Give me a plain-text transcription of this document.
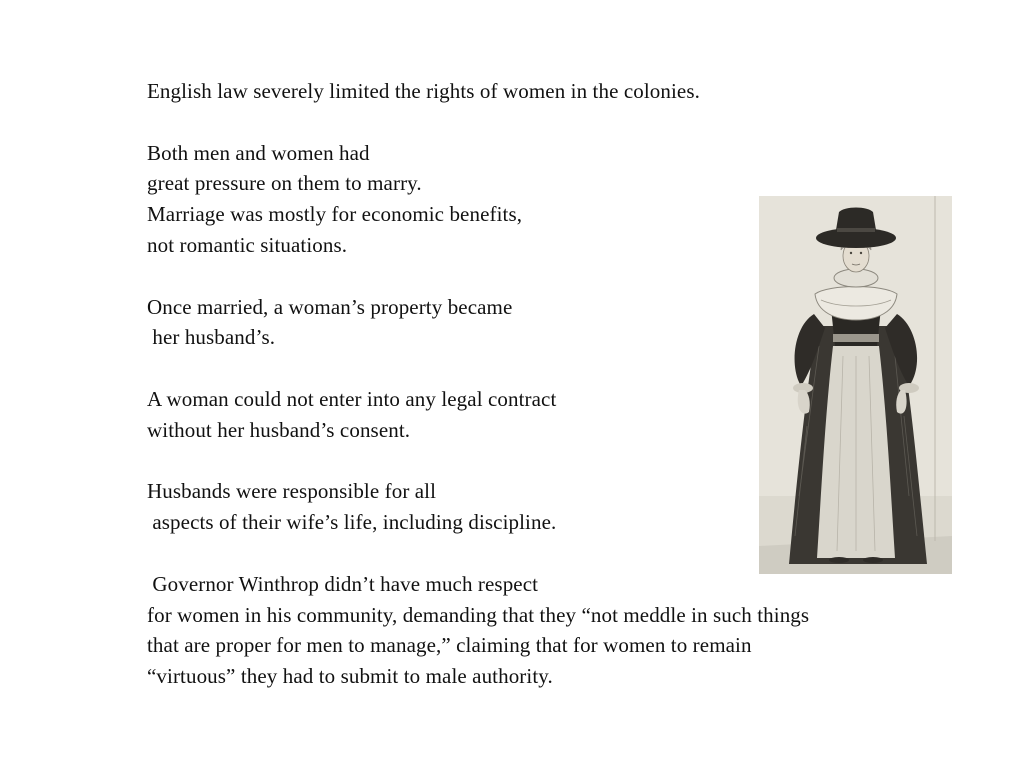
English law severely limited the rights of women in the colonies.

Both men and women had
great pressure on them to marry.
Marriage was mostly for economic benefits,
not romantic situations.

Once married, a woman’s property became
her husband’s.

A woman could not enter into any legal contract
without her husband’s consent.

Husbands were responsible for all
aspects of their wife’s life, including discipline.

Governor Winthrop didn’t have much respect
for women in his community, demanding that they “not meddle in such things
that are proper for men to manage,” claiming that for women to remain
“virtuous” they had to submit to male authority.
